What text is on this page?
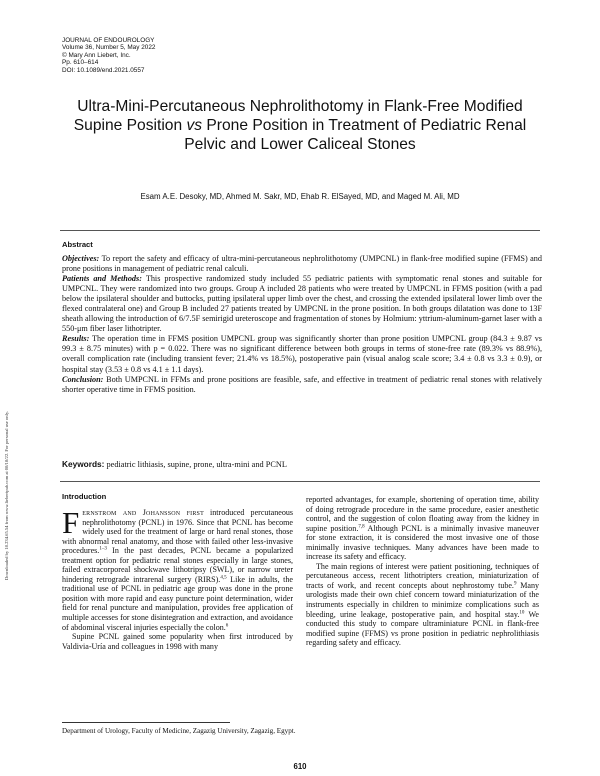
JOURNAL OF ENDOUROLOGY
Volume 36, Number 5, May 2022
© Mary Ann Liebert, Inc.
Pp. 610–614
DOI: 10.1089/end.2021.0557
Downloaded by 18.234.65.54 from www.liebertpub.com at 08/18/22. For personal use only.
Ultra-Mini-Percutaneous Nephrolithotomy in Flank-Free Modified Supine Position vs Prone Position in Treatment of Pediatric Renal Pelvic and Lower Caliceal Stones
Esam A.E. Desoky, MD, Ahmed M. Sakr, MD, Ehab R. ElSayed, MD, and Maged M. Ali, MD
Abstract

Objectives: To report the safety and efficacy of ultra-mini-percutaneous nephrolithotomy (UMPCNL) in flank-free modified supine (FFMS) and prone positions in management of pediatric renal calculi.

Patients and Methods: This prospective randomized study included 55 pediatric patients with symptomatic renal stones and suitable for UMPCNL. They were randomized into two groups. Group A included 28 patients who were treated by UMPCNL in FFMS position (with a pad below the ipsilateral shoulder and buttocks, putting ipsilateral upper limb over the chest, and crossing the extended ipsilateral lower limb over the flexed contralateral one) and Group B included 27 patients treated by UMPCNL in the prone position. In both groups dilatation was done to 13F sheath allowing the introduction of 6/7.5F semirigid ureteroscope and fragmentation of stones by Holmium: yttrium-aluminum-garnet laser with a 550-μm fiber laser lithotripter.

Results: The operation time in FFMS position UMPCNL group was significantly shorter than prone position UMPCNL group (84.3 ± 9.87 vs 99.3 ± 8.75 minutes) with p = 0.022. There was no significant difference between both groups in terms of stone-free rate (89.3% vs 88.9%), overall complication rate (including transient fever; 21.4% vs 18.5%), postoperative pain (visual analog scale score; 3.4 ± 0.8 vs 3.3 ± 0.9), or hospital stay (3.53 ± 0.8 vs 4.1 ± 1.1 days).

Conclusion: Both UMPCNL in FFMs and prone positions are feasible, safe, and effective in treatment of pediatric renal stones with relatively shorter operative time in FFMS position.

Keywords: pediatric lithiasis, supine, prone, ultra-mini and PCNL
Introduction

Fernstrom and Johansson first introduced percutaneous nephrolithotomy (PCNL) in 1976. Since that PCNL has become widely used for the treatment of large or hard renal stones, those with abnormal renal anatomy, and those with failed other less-invasive procedures.$^{1-3}$ In the past decades, PCNL became a popularized treatment option for pediatric renal stones especially in large stones, failed extracorporeal shockwave lithotripsy (SWL), or narrow ureter hindering retrograde intrarenal surgery (RIRS).$^{4,5}$ Like in adults, the traditional use of PCNL in pediatric age group was done in the prone position with more rapid and easy puncture point determination, wider field for renal puncture and manipulation, provides free application of multiple accesses for stone disintegration and extraction, and avoidance of abdominal visceral injuries especially the colon.$^6$

Supine PCNL gained some popularity when first introduced by Valdivia-Uría and colleagues in 1998 with many

reported advantages, for example, shortening of operation time, ability of doing retrograde procedure in the same procedure, easier anesthetic control, and the suggestion of colon floating away from the kidney in supine position.$^{7,8}$ Although PCNL is a minimally invasive maneuver for stone extraction, it is considered the most invasive one of those minimally invasive techniques. Many advances have been made to increase its safety and efficacy.

The main regions of interest were patient positioning, techniques of percutaneous access, recent lithotripters creation, miniaturization of tracts of work, and recent concepts about nephrostomy tube.$^9$ Many urologists made their own chief concern toward miniaturization of the instruments especially in children to minimize complications such as bleeding, urine leakage, postoperative pain, and hospital stay.$^{10}$ We conducted this study to compare ultraminiature PCNL in flank-free modified supine (FFMS) vs prone position in pediatric nephrolithiasis regarding safety and efficacy.

Department of Urology, Faculty of Medicine, Zagazig University, Zagazig, Egypt.
610
